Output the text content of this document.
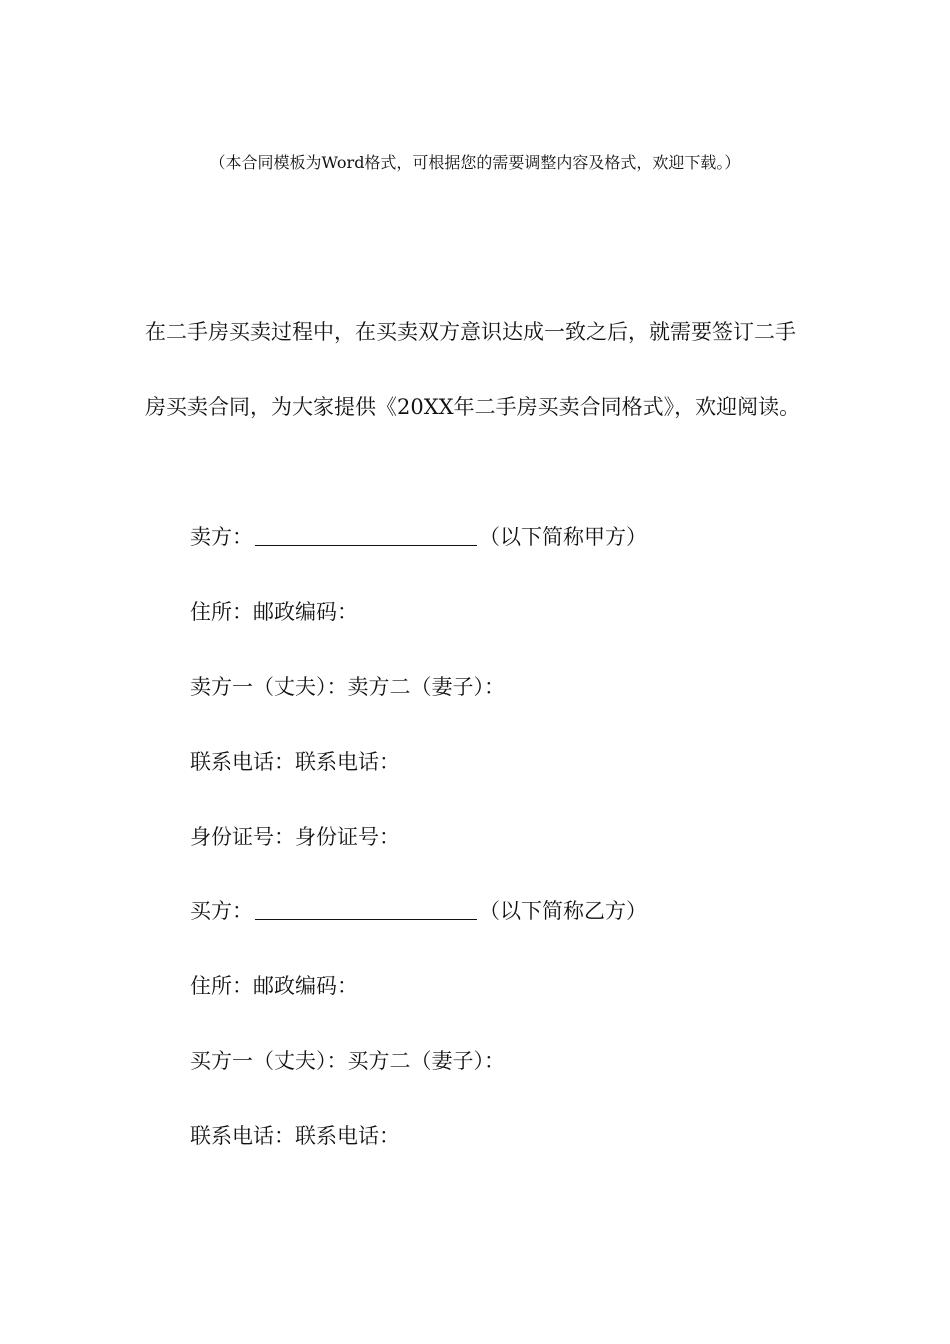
（本合同模板为Word格式，可根据您的需要调整内容及格式，欢迎下载。）

在二手房买卖过程中，在买卖双方意识达成一致之后，就需要签订二手房买卖合同，为大家提供《20XX年二手房买卖合同格式》，欢迎阅读。

卖方：	（以下简称甲方）
住所：邮政编码：
卖方一（丈夫）：卖方二（妻子）：
联系电话：联系电话：
身份证号：身份证号：
买方：	（以下简称乙方）
住所：邮政编码：
买方一（丈夫）：买方二（妻子）：
联系电话：联系电话：
